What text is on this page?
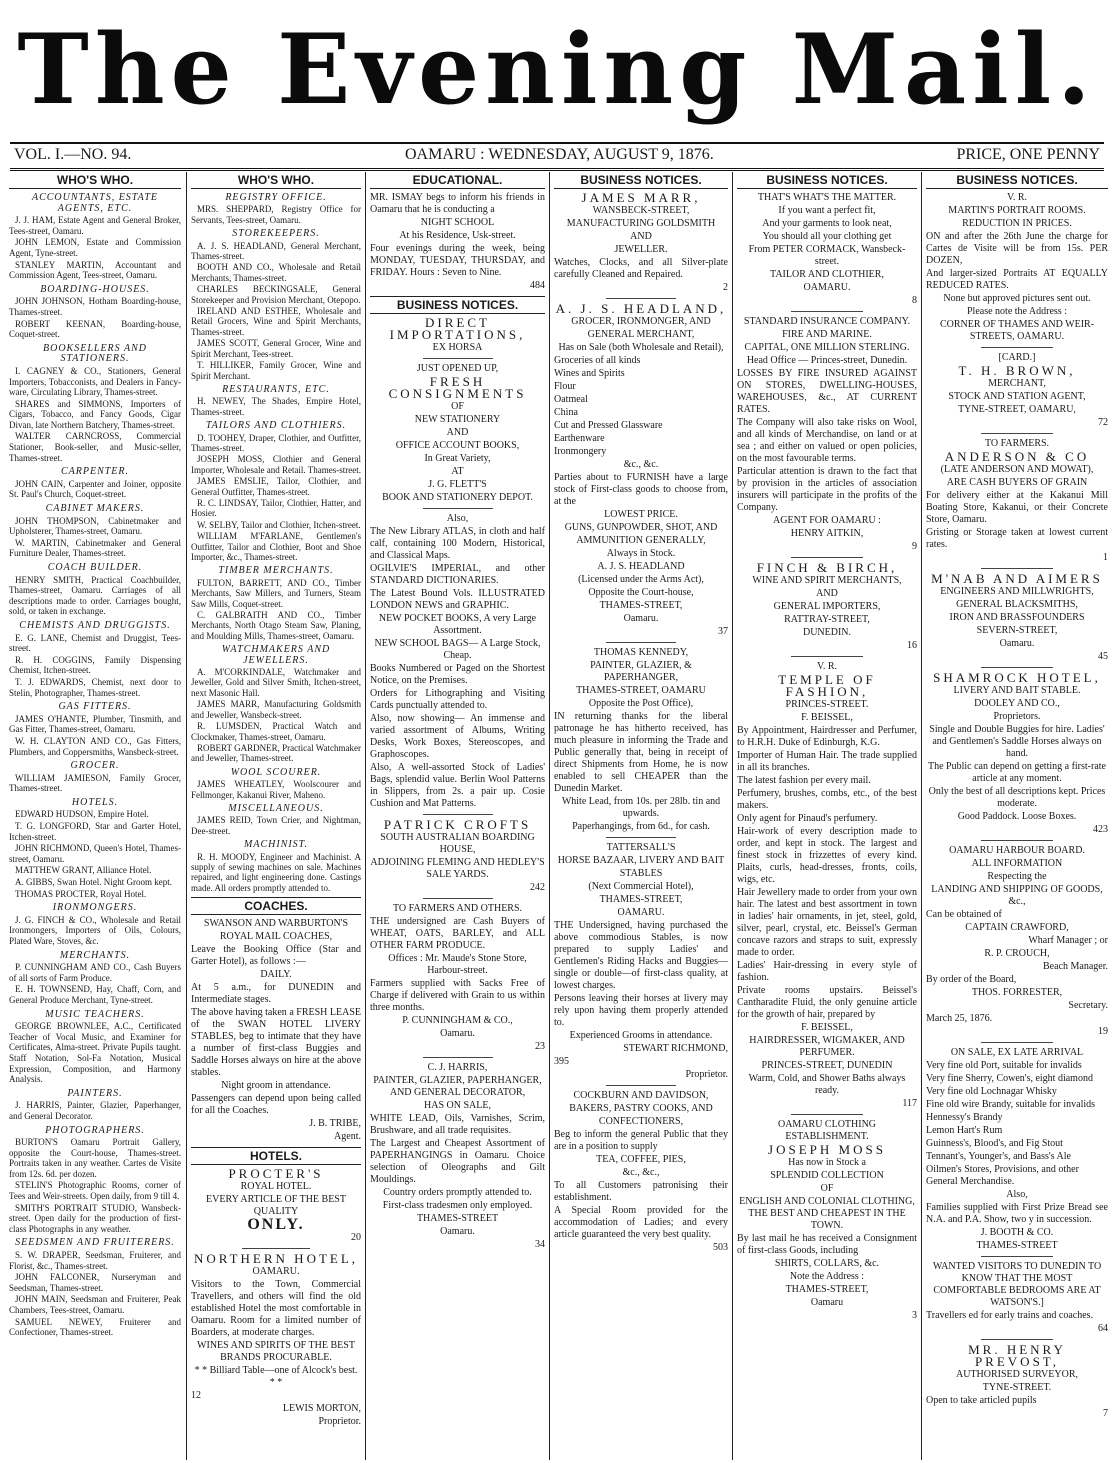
The Evening Mail.
VOL. I.—NO. 94.	OAMARU : WEDNESDAY, AUGUST 9, 1876.	PRICE, ONE PENNY
WHO'S WHO.
ACCOUNTANTS, ESTATE AGENTS, ETC.

J. J. HAM, Estate Agent and General Broker, Tees-street, Oamaru.

JOHN LEMON, Estate and Commission Agent, Tyne-street.

STANLEY MARTIN, Accountant and Commission Agent, Tees-street, Oamaru.

BOARDING-HOUSES.

JOHN JOHNSON, Hotham Boarding-house, Thames-street.

ROBERT KEENAN, Boarding-house, Coquet-street.

BOOKSELLERS AND STATIONERS.

I. CAGNEY & CO., Stationers, General Importers, Tobacconists, and Dealers in Fancy-ware, Circulating Library, Thames-street.

SHARES and SIMMONS, Importers of Cigars, Tobacco, and Fancy Goods, Cigar Divan, late Northern Batchery, Thames-street.

WALTER CARNCROSS, Commercial Stationer, Book-seller, and Music-seller, Thames-street.

CARPENTER.

JOHN CAIN, Carpenter and Joiner, opposite St. Paul's Church, Coquet-street.

CABINET MAKERS.

JOHN THOMPSON, Cabinetmaker and Upholsterer, Thames-street, Oamaru.

W. MARTIN, Cabinetmaker and General Furniture Dealer, Thames-street.

COACH BUILDER.

HENRY SMITH, Practical Coachbuilder, Thames-street, Oamaru. Carriages of all descriptions made to order. Carriages bought, sold, or taken in exchange.

CHEMISTS AND DRUGGISTS.

E. G. LANE, Chemist and Druggist, Tees-street.

R. H. COGGINS, Family Dispensing Chemist, Itchen-street.

T. J. EDWARDS, Chemist, next door to Stelin, Photographer, Thames-street.

GAS FITTERS.

JAMES O'HANTE, Plumber, Tinsmith, and Gas Fitter, Thames-street, Oamaru.

W. H. CLAYTON AND CO., Gas Fitters, Plumbers, and Coppersmiths, Wansbeck-street.

GROCER.

WILLIAM JAMIESON, Family Grocer, Thames-street.

HOTELS.

EDWARD HUDSON, Empire Hotel.

T. G. LONGFORD, Star and Garter Hotel, Itchen-street.

JOHN RICHMOND, Queen's Hotel, Thames-street, Oamaru.

MATTHEW GRANT, Alliance Hotel.

A. GIBBS, Swan Hotel. Night Groom kept.

THOMAS PROCTER, Royal Hotel.

IRONMONGERS.

J. G. FINCH & CO., Wholesale and Retail Ironmongers, Importers of Oils, Colours, Plated Ware, Stoves, &c.

MERCHANTS.

P. CUNNINGHAM AND CO., Cash Buyers of all sorts of Farm Produce.

E. H. TOWNSEND, Hay, Chaff, Corn, and General Produce Merchant, Tyne-street.

MUSIC TEACHERS.

GEORGE BROWNLEE, A.C., Certificated Teacher of Vocal Music, and Examiner for Certificates, Alma-street. Private Pupils taught. Staff Notation, Sol-Fa Notation, Musical Expression, Composition, and Harmony Analysis.

PAINTERS.

J. HARRIS, Painter, Glazier, Paperhanger, and General Decorator.

PHOTOGRAPHERS.

BURTON'S Oamaru Portrait Gallery, opposite the Court-house, Thames-street. Portraits taken in any weather. Cartes de Visite from 12s. 6d. per dozen.

STELIN'S Photographic Rooms, corner of Tees and Weir-streets. Open daily, from 9 till 4.

SMITH'S PORTRAIT STUDIO, Wansbeck-street. Open daily for the production of first-class Photographs in any weather.

SEEDSMEN AND FRUITERERS.

S. W. DRAPER, Seedsman, Fruiterer, and Florist, &c., Thames-street.

JOHN FALCONER, Nurseryman and Seedsman, Thames-street.

JOHN MAIN, Seedsman and Fruiterer, Peak Chambers, Tees-street, Oamaru.

SAMUEL NEWEY, Fruiterer and Confectioner, Thames-street.

WHO'S WHO.
REGISTRY OFFICE.

MRS. SHEPPARD, Registry Office for Servants, Tees-street, Oamaru.

STOREKEEPERS.

A. J. S. HEADLAND, General Merchant, Thames-street.

BOOTH AND CO., Wholesale and Retail Merchants, Thames-street.

CHARLES BECKINGSALE, General Storekeeper and Provision Merchant, Otepopo.

IRELAND AND ESTHEE, Wholesale and Retail Grocers, Wine and Spirit Merchants, Thames-street.

JAMES SCOTT, General Grocer, Wine and Spirit Merchant, Tees-street.

T. HILLIKER, Family Grocer, Wine and Spirit Merchant.

RESTAURANTS, ETC.

H. NEWEY, The Shades, Empire Hotel, Thames-street.

TAILORS AND CLOTHIERS.

D. TOOHEY, Draper, Clothier, and Outfitter, Thames-street.

JOSEPH MOSS, Clothier and General Importer, Wholesale and Retail. Thames-street.

JAMES EMSLIE, Tailor, Clothier, and General Outfitter, Thames-street.

R. C. LINDSAY, Tailor, Clothier, Hatter, and Hosier.

W. SELBY, Tailor and Clothier, Itchen-street.

WILLIAM M'FARLANE, Gentlemen's Outfitter, Tailor and Clothier, Boot and Shoe Importer, &c., Thames-street.

TIMBER MERCHANTS.

FULTON, BARRETT, AND CO., Timber Merchants, Saw Millers, and Turners, Steam Saw Mills, Coquet-street.

C. GALBRAITH AND CO., Timber Merchants, North Otago Steam Saw, Planing, and Moulding Mills, Thames-street, Oamaru.

WATCHMAKERS AND JEWELLERS.

A. M'CORKINDALE, Watchmaker and Jeweller, Gold and Silver Smith, Itchen-street, next Masonic Hall.

JAMES MARR, Manufacturing Goldsmith and Jeweller, Wansbeck-street.

R. LUMSDEN, Practical Watch and Clockmaker, Thames-street, Oamaru.

ROBERT GARDNER, Practical Watchmaker and Jeweller, Thames-street.

WOOL SCOURER.

JAMES WHEATLEY, Woolscourer and Fellmonger, Kakanui River, Maheno.

MISCELLANEOUS.

JAMES REID, Town Crier, and Nightman, Dee-street.

MACHINIST.

R. H. MOODY, Engineer and Machinist. A supply of sewing machines on sale. Machines repaired, and light engineering done. Castings made. All orders promptly attended to.

COACHES.

SWANSON AND WARBURTON'S

ROYAL MAIL COACHES,

Leave the Booking Office (Star and Garter Hotel), as follows :—

DAILY.

At 5 a.m., for DUNEDIN and Intermediate stages.

The above having taken a FRESH LEASE of the SWAN HOTEL LIVERY STABLES, beg to intimate that they have a number of first-class Buggies and Saddle Horses always on hire at the above stables.

Night groom in attendance.

Passengers can depend upon being called for all the Coaches.

J. B. TRIBE,

Agent.

HOTELS.

PROCTER'S

ROYAL HOTEL.

EVERY ARTICLE OF THE BEST QUALITY

ONLY.

20

NORTHERN HOTEL,

OAMARU.

Visitors to the Town, Commercial Travellers, and others will find the old established Hotel the most comfortable in Oamaru. Room for a limited number of Boarders, at moderate charges.

WINES AND SPIRITS OF THE BEST BRANDS PROCURABLE.

* * Billiard Table—one of Alcock's best. * *

12

LEWIS MORTON,

Proprietor.

EDUCATIONAL.

MR. ISMAY begs to inform his friends in Oamaru that he is conducting a

NIGHT SCHOOL

At his Residence, Usk-street.

Four evenings during the week, being MONDAY, TUESDAY, THURSDAY, and FRIDAY. Hours : Seven to Nine.

484

BUSINESS NOTICES.

DIRECT IMPORTATIONS,

EX HORSA

JUST OPENED UP,

FRESH CONSIGNMENTS

OF

NEW STATIONERY

AND

OFFICE ACCOUNT BOOKS,

In Great Variety,

AT

J. G. FLETT'S

BOOK AND STATIONERY DEPOT.

Also,

The New Library ATLAS, in cloth and half calf, containing 100 Modern, Historical, and Classical Maps.

OGILVIE'S IMPERIAL, and other STANDARD DICTIONARIES.

The Latest Bound Vols. ILLUSTRATED LONDON NEWS and GRAPHIC.

NEW POCKET BOOKS, A very Large Assortment.

NEW SCHOOL BAGS— A Large Stock, Cheap.

Books Numbered or Paged on the Shortest Notice, on the Premises.

Orders for Lithographing and Visiting Cards punctually attended to.

Also, now showing— An immense and varied assortment of Albums, Writing Desks, Work Boxes, Stereoscopes, and Graphoscopes.

Also, A well-assorted Stock of Ladies' Bags, splendid value. Berlin Wool Patterns in Slippers, from 2s. a pair up. Cosie Cushion and Mat Patterns.

PATRICK CROFTS

SOUTH AUSTRALIAN BOARDING HOUSE,

ADJOINING FLEMING AND HEDLEY'S SALE YARDS.

242

TO FARMERS AND OTHERS.

THE undersigned are Cash Buyers of WHEAT, OATS, BARLEY, and ALL OTHER FARM PRODUCE.

Offices : Mr. Maude's Stone Store, Harbour-street.

Farmers supplied with Sacks Free of Charge if delivered with Grain to us within three months.

P. CUNNINGHAM & CO.,

Oamaru.

23

C. J. HARRIS,

PAINTER, GLAZIER, PAPERHANGER, AND GENERAL DECORATOR,

HAS ON SALE,

WHITE LEAD, Oils, Varnishes, Scrim, Brushware, and all trade requisites.

The Largest and Cheapest Assortment of PAPERHANGINGS in Oamaru. Choice selection of Oleographs and Gilt Mouldings.

Country orders promptly attended to.

First-class tradesmen only employed.

THAMES-STREET

Oamaru.

34

BUSINESS NOTICES.

JAMES MARR,

WANSBECK-STREET,

MANUFACTURING GOLDSMITH

AND

JEWELLER.

Watches, Clocks, and all Silver-plate carefully Cleaned and Repaired.

2

A. J. S. HEADLAND,

GROCER, IRONMONGER, AND

GENERAL MERCHANT,

Has on Sale (both Wholesale and Retail),

Groceries of all kinds

Wines and Spirits

Flour

Oatmeal

China

Cut and Pressed Glassware

Earthenware

Ironmongery

&c., &c.

Parties about to FURNISH have a large stock of First-class goods to choose from, at the

LOWEST PRICE.

GUNS, GUNPOWDER, SHOT, AND

AMMUNITION GENERALLY,

Always in Stock.

A. J. S. HEADLAND

(Licensed under the Arms Act),

Opposite the Court-house,

THAMES-STREET,

Oamaru.

37

THOMAS KENNEDY,

PAINTER, GLAZIER, & PAPERHANGER,

THAMES-STREET, OAMARU

Opposite the Post Office),

IN returning thanks for the liberal patronage he has hitherto received, has much pleasure in informing the Trade and Public generally that, being in receipt of direct Shipments from Home, he is now enabled to sell CHEAPER than the Dunedin Market.

White Lead, from 10s. per 28lb. tin and upwards.

Paperhangings, from 6d., for cash.

TATTERSALL'S

HORSE BAZAAR, LIVERY AND BAIT

STABLES

(Next Commercial Hotel),

THAMES-STREET,

OAMARU.

THE Undersigned, having purchased the above commodious Stables, is now prepared to supply Ladies' and Gentlemen's Riding Hacks and Buggies—single or double—of first-class quality, at lowest charges.

Persons leaving their horses at livery may rely upon having them properly attended to.

Experienced Grooms in attendance.

STEWART RICHMOND,

395

Proprietor.

COCKBURN AND DAVIDSON,

BAKERS, PASTRY COOKS, AND

CONFECTIONERS,

Beg to inform the general Public that they are in a position to supply

TEA, COFFEE, PIES,

&c., &c.,

To all Customers patronising their establishment.

A Special Room provided for the accommodation of Ladies; and every article guaranteed the very best quality.

503

BUSINESS NOTICES.

THAT'S WHAT'S THE MATTER.

If you want a perfect fit,

And your garments to look neat,

You should all your clothing get

From PETER CORMACK, Wansbeck-street.

TAILOR AND CLOTHIER,

OAMARU.

8

STANDARD INSURANCE COMPANY.

FIRE AND MARINE.

CAPITAL, ONE MILLION STERLING.

Head Office — Princes-street, Dunedin.

LOSSES BY FIRE INSURED AGAINST ON STORES, DWELLING-HOUSES, WAREHOUSES, &c., AT CURRENT RATES.

The Company will also take risks on Wool, and all kinds of Merchandise, on land or at sea ; and either on valued or open policies, on the most favourable terms.

Particular attention is drawn to the fact that by provision in the articles of association insurers will participate in the profits of the Company.

AGENT FOR OAMARU :

HENRY AITKIN,

9

FINCH & BIRCH,

WINE AND SPIRIT MERCHANTS,

AND

GENERAL IMPORTERS,

RATTRAY-STREET,

DUNEDIN.

16

V. R.

TEMPLE OF FASHION,

PRINCES-STREET.

F. BEISSEL,

By Appointment, Hairdresser and Perfumer, to H.R.H. Duke of Edinburgh, K.G.

Importer of Human Hair. The trade supplied in all its branches.

The latest fashion per every mail.

Perfumery, brushes, combs, etc., of the best makers.

Only agent for Pinaud's perfumery.

Hair-work of every description made to order, and kept in stock. The largest and finest stock in frizzettes of every kind. Plaits, curls, head-dresses, fronts, coils, wigs, etc.

Hair Jewellery made to order from your own hair. The latest and best assortment in town in ladies' hair ornaments, in jet, steel, gold, silver, pearl, crystal, etc. Beissel's German concave razors and straps to suit, expressly made to order.

Ladies' Hair-dressing in every style of fashion.

Private rooms upstairs. Beissel's Cantharadite Fluid, the only genuine article for the growth of hair, prepared by

F. BEISSEL,

HAIRDRESSER, WIGMAKER, AND PERFUMER.

PRINCES-STREET, DUNEDIN

Warm, Cold, and Shower Baths always ready.

117

OAMARU CLOTHING ESTABLISHMENT.

JOSEPH MOSS

Has now in Stock a

SPLENDID COLLECTION

OF

ENGLISH AND COLONIAL CLOTHING, THE BEST AND CHEAPEST IN THE TOWN.

By last mail he has received a Consignment of first-class Goods, including

SHIRTS, COLLARS, &c.

Note the Address :

THAMES-STREET,

Oamaru

3

BUSINESS NOTICES.

V. R.

MARTIN'S PORTRAIT ROOMS.

REDUCTION IN PRICES.

ON and after the 26th June the charge for Cartes de Visite will be from 15s. PER DOZEN,

And larger-sized Portraits AT EQUALLY REDUCED RATES.

None but approved pictures sent out.

Please note the Address :

CORNER OF THAMES AND WEIR-STREETS, OAMARU.

[CARD.]

T. H. BROWN,

MERCHANT,

STOCK AND STATION AGENT,

TYNE-STREET, OAMARU,

72

TO FARMERS.

ANDERSON & CO

(LATE ANDERSON AND MOWAT),

ARE CASH BUYERS OF GRAIN

For delivery either at the Kakanui Mill Boating Store, Kakanui, or their Concrete Store, Oamaru.

Gristing or Storage taken at lowest current rates.

1

M'NAB AND AIMERS

ENGINEERS AND MILLWRIGHTS,

GENERAL BLACKSMITHS,

IRON AND BRASSFOUNDERS

SEVERN-STREET,

Oamaru.

45

SHAMROCK HOTEL,

LIVERY AND BAIT STABLE.

DOOLEY AND CO.,

Proprietors.

Single and Double Buggies for hire. Ladies' and Gentlemen's Saddle Horses always on hand.

The Public can depend on getting a first-rate article at any moment.

Only the best of all descriptions kept. Prices moderate.

Good Paddock. Loose Boxes.

423

OAMARU HARBOUR BOARD.

ALL INFORMATION

Respecting the

LANDING AND SHIPPING OF GOODS, &c.,

Can be obtained of

CAPTAIN CRAWFORD,

Wharf Manager ; or

R. P. CROUCH,

Beach Manager.

By order of the Board,

THOS. FORRESTER,

Secretary.

March 25, 1876.

19

ON SALE, EX LATE ARRIVAL

Very fine old Port, suitable for invalids

Very fine Sherry, Cowen's, eight diamond

Very fine old Lochnagar Whisky

Fine old wire Brandy, suitable for invalids

Hennessy's Brandy

Lemon Hart's Rum

Guinness's, Blood's, and Fig Stout

Tennant's, Younger's, and Bass's Ale

Oilmen's Stores, Provisions, and other General Merchandise.

Also,

Families supplied with First Prize Bread see N.A. and P.A. Show, two y in succession.

J. BOOTH & CO.

THAMES-STREET

WANTED VISITORS TO DUNEDIN TO KNOW THAT THE MOST COMFORTABLE BEDROOMS ARE AT WATSON'S.]

Travellers ed for early trains and coaches.

64

MR. HENRY PREVOST,

AUTHORISED SURVEYOR,

TYNE-STREET.

Open to take articled pupils

7
